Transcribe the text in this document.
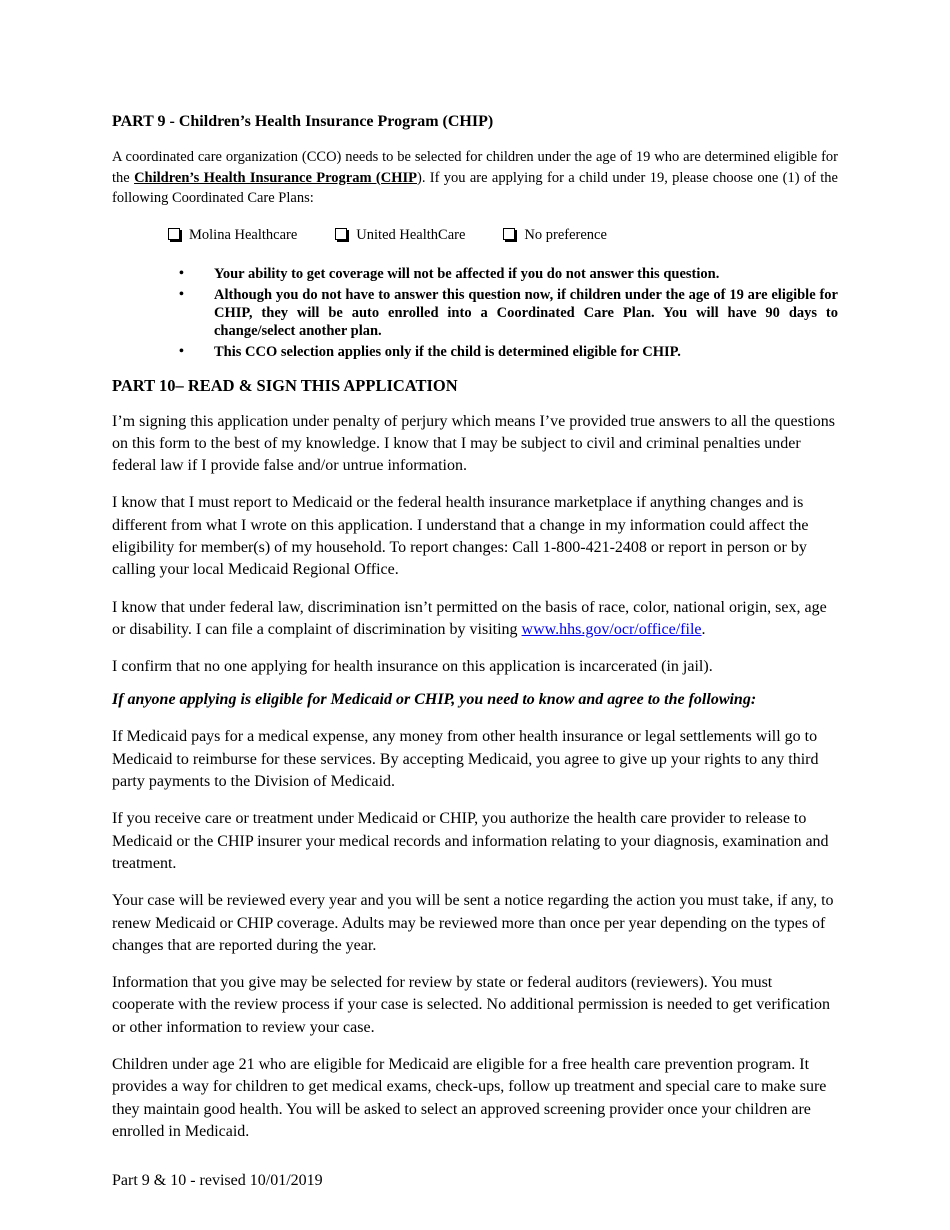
PART 9 - Children’s Health Insurance Program (CHIP)

A coordinated care organization (CCO) needs to be selected for children under the age of 19 who are determined eligible for the Children’s Health Insurance Program (CHIP). If you are applying for a child under 19, please choose one (1) of the following Coordinated Care Plans:

Molina Healthcare	United HealthCare	No preference
• Your ability to get coverage will not be affected if you do not answer this question.
• Although you do not have to answer this question now, if children under the age of 19 are eligible for CHIP, they will be auto enrolled into a Coordinated Care Plan. You will have 90 days to change/select another plan.
• This CCO selection applies only if the child is determined eligible for CHIP.
PART 10– READ & SIGN THIS APPLICATION

I’m signing this application under penalty of perjury which means I’ve provided true answers to all the questions on this form to the best of my knowledge. I know that I may be subject to civil and criminal penalties under federal law if I provide false and/or untrue information.

I know that I must report to Medicaid or the federal health insurance marketplace if anything changes and is different from what I wrote on this application. I understand that a change in my information could affect the eligibility for member(s) of my household. To report changes: Call 1-800-421-2408 or report in person or by calling your local Medicaid Regional Office.

I know that under federal law, discrimination isn’t permitted on the basis of race, color, national origin, sex, age or disability. I can file a complaint of discrimination by visiting www.hhs.gov/ocr/office/file.

I confirm that no one applying for health insurance on this application is incarcerated (in jail).

If anyone applying is eligible for Medicaid or CHIP, you need to know and agree to the following:

If Medicaid pays for a medical expense, any money from other health insurance or legal settlements will go to Medicaid to reimburse for these services. By accepting Medicaid, you agree to give up your rights to any third party payments to the Division of Medicaid.

If you receive care or treatment under Medicaid or CHIP, you authorize the health care provider to release to Medicaid or the CHIP insurer your medical records and information relating to your diagnosis, examination and treatment.

Your case will be reviewed every year and you will be sent a notice regarding the action you must take, if any, to renew Medicaid or CHIP coverage. Adults may be reviewed more than once per year depending on the types of changes that are reported during the year.

Information that you give may be selected for review by state or federal auditors (reviewers). You must cooperate with the review process if your case is selected. No additional permission is needed to get verification or other information to review your case.

Children under age 21 who are eligible for Medicaid are eligible for a free health care prevention program. It provides a way for children to get medical exams, check-ups, follow up treatment and special care to make sure they maintain good health. You will be asked to select an approved screening provider once your children are enrolled in Medicaid.

Part 9 & 10 - revised 10/01/2019
